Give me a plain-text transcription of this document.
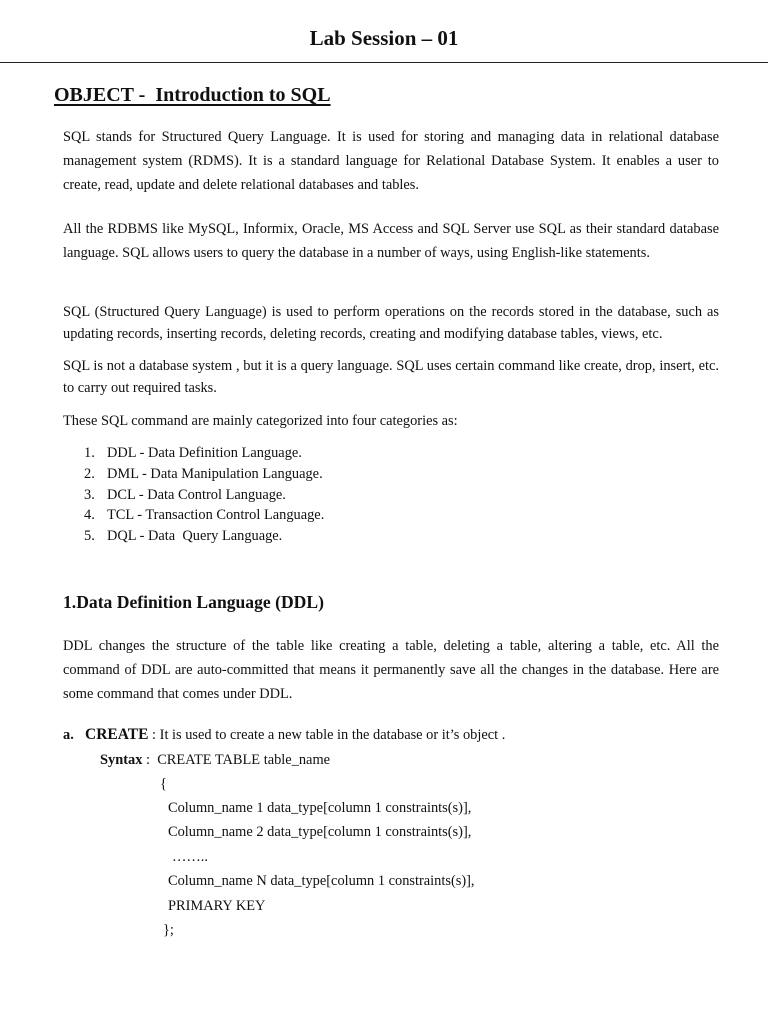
Lab Session – 01
OBJECT -  Introduction to SQL

SQL stands for Structured Query Language. It is used for storing and managing data in relational database management system (RDMS). It is a standard language for Relational Database System. It enables a user to create, read, update and delete relational databases and tables.

All the RDBMS like MySQL, Informix, Oracle, MS Access and SQL Server use SQL as their standard database language. SQL allows users to query the database in a number of ways, using English-like statements.

SQL (Structured Query Language) is used to perform operations on the records stored in the database, such as updating records, inserting records, deleting records, creating and modifying database tables, views, etc.

SQL is not a database system , but it is a query language. SQL uses certain command like create, drop, insert, etc. to carry out required tasks.

These SQL command are mainly categorized into four categories as:

1. DDL - Data Definition Language.
2. DML - Data Manipulation Language.
3. DCL - Data Control Language.
4. TCL - Transaction Control Language.
5. DQL - Data  Query Language.
1.Data Definition Language (DDL)

DDL changes the structure of the table like creating a table, deleting a table, altering a table, etc. All the command of DDL are auto-committed that means it permanently save all the changes in the database. Here are some command that comes under DDL.

a. CREATE : It is used to create a new table in the database or it’s object .
Syntax :  CREATE TABLE table_name
{
Column_name 1 data_type[column 1 constraints(s)],
Column_name 2 data_type[column 1 constraints(s)],
……..
Column_name N data_type[column 1 constraints(s)],
PRIMARY KEY
};
